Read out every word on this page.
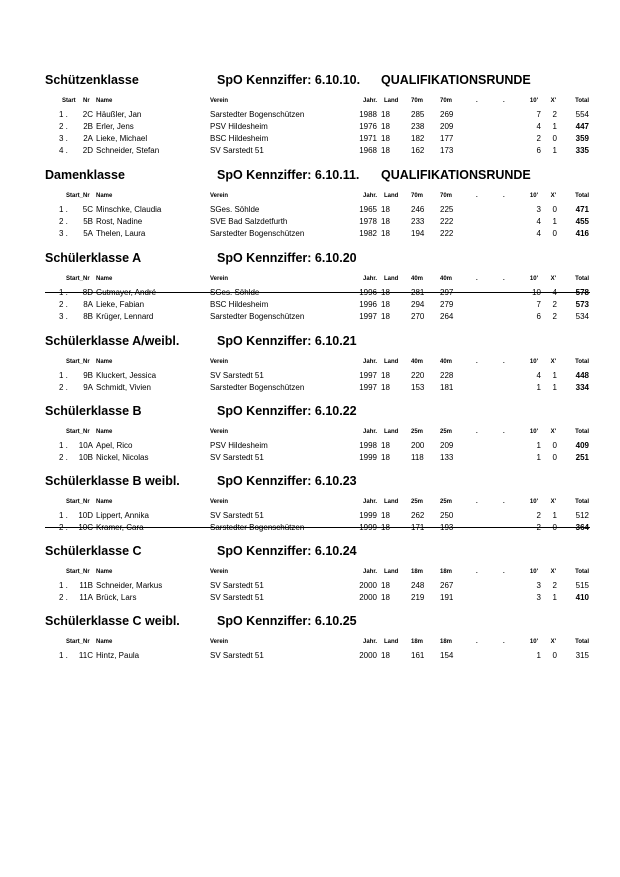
Schützenklasse	SpO Kennziffer: 6.10.10. QUALIFIKATIONSRUNDE
Start Nr Name	Verein	Jahr. Land 70m	70m	.	.	10' X'	Total
1 . 2C Häußler, Jan	Sarstedter Bogenschützen	1988 18	285 269	7 2 554
2 . 2B Erler, Jens	PSV Hildesheim	1976 18	238 209	4 1 447
3 . 2A Lieke, Michael	BSC Hildesheim	1971 18	182 177	2 0 359
4 . 2D Schneider, Stefan	SV Sarstedt 51	1968 18	162 173	6 1 335
Damenklasse	SpO Kennziffer: 6.10.11. QUALIFIKATIONSRUNDE
Start_Nr Name	Verein	Jahr. Land 70m	70m	.	.	10' X'	Total
1 . 5C Minschke, Claudia	SGes. Söhlde	1965 18	246 225	3 0 471
2 . 5B Rost, Nadine	SVE Bad Salzdetfurth	1978 18	233 222	4 1 455
3 . 5A Thelen, Laura	Sarstedter Bogenschützen	1982 18	194 222	4 0 416
Schülerklasse A	SpO Kennziffer: 6.10.20
Start_Nr Name	Verein	Jahr. Land 40m	40m	.	.	10' X'	Total
1 . 8D Gutmayer, André	SGes. Söhlde	1996 18	281 297	10 4 578
2 . 8A Lieke, Fabian	BSC Hildesheim	1996 18	294 279	7 2 573
3 . 8B Krüger, Lennard	Sarstedter Bogenschützen	1997 18	270 264	6 2 534
Schülerklasse A/weibl.	SpO Kennziffer: 6.10.21
Start_Nr Name	Verein	Jahr. Land 40m	40m	.	.	10' X'	Total
1 . 9B Kluckert, Jessica	SV Sarstedt 51	1997 18	220 228	4 1 448
2 . 9A Schmidt, Vivien	Sarstedter Bogenschützen	1997 18	153 181	1 1 334
Schülerklasse B	SpO Kennziffer: 6.10.22
Start_Nr Name	Verein	Jahr. Land 25m	25m	.	.	10' X'	Total
1 . 10A Apel, Rico	PSV Hildesheim	1998 18	200 209	1 0 409
2 . 10B Nickel, Nicolas	SV Sarstedt 51	1999 18	118 133	1 0 251
Schülerklasse B weibl.	SpO Kennziffer: 6.10.23
Start_Nr Name	Verein	Jahr. Land 25m	25m	.	.	10' X'	Total
1 . 10D Lippert, Annika	SV Sarstedt 51	1999 18	262 250	2 1 512
2 . 10C Kramer, Cara	Sarstedter Bogenschützen	1999 18	171 193	2 0 364
Schülerklasse C	SpO Kennziffer: 6.10.24
Start_Nr Name	Verein	Jahr. Land 18m	18m	.	.	10' X'	Total
1 . 11B Schneider, Markus	SV Sarstedt 51	2000 18	248 267	3 2 515
2 . 11A Brück, Lars	SV Sarstedt 51	2000 18	219 191	3 1 410
Schülerklasse C weibl.	SpO Kennziffer: 6.10.25
Start_Nr Name	Verein	Jahr. Land 18m	18m	.	.	10' X'	Total
1 . 11C Hintz, Paula	SV Sarstedt 51	2000 18	161 154	1 0 315
